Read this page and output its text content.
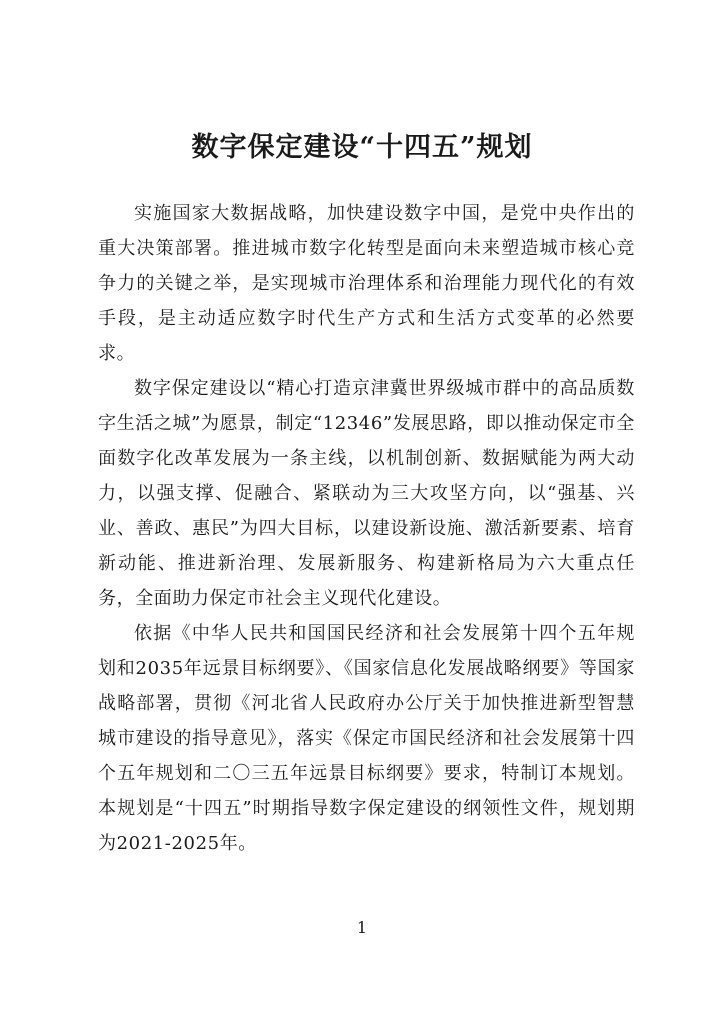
数字保定建设“十四五”规划

实施国家大数据战略，加快建设数字中国，是党中央作出的重大决策部署。推进城市数字化转型是面向未来塑造城市核心竞争力的关键之举，是实现城市治理体系和治理能力现代化的有效手段，是主动适应数字时代生产方式和生活方式变革的必然要求。

数字保定建设以“精心打造京津冀世界级城市群中的高品质数字生活之城”为愿景，制定“12346”发展思路，即以推动保定市全面数字化改革发展为一条主线，以机制创新、数据赋能为两大动力，以强支撑、促融合、紧联动为三大攻坚方向，以“强基、兴业、善政、惠民”为四大目标，以建设新设施、激活新要素、培育新动能、推进新治理、发展新服务、构建新格局为六大重点任务，全面助力保定市社会主义现代化建设。

依据《中华人民共和国国民经济和社会发展第十四个五年规划和2035年远景目标纲要》、《国家信息化发展战略纲要》等国家战略部署，贯彻《河北省人民政府办公厅关于加快推进新型智慧城市建设的指导意见》，落实《保定市国民经济和社会发展第十四个五年规划和二〇三五年远景目标纲要》要求，特制订本规划。本规划是“十四五”时期指导数字保定建设的纲领性文件，规划期为2021-2025年。

1
